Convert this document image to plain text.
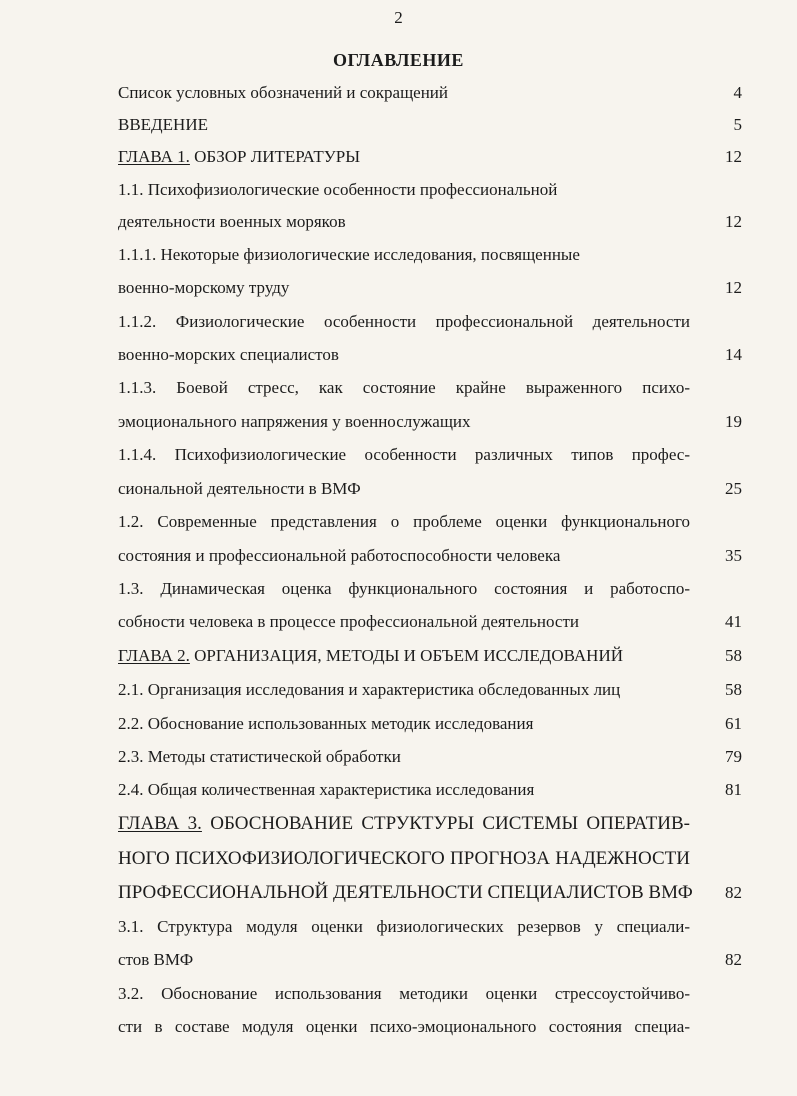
2
ОГЛАВЛЕНИЕ
Список условных обозначений и сокращений	4
ВВЕДЕНИЕ	5
ГЛАВА 1. ОБЗОР ЛИТЕРАТУРЫ	12
1.1. Психофизиологические особенности профессиональной
деятельности военных моряков	12
1.1.1. Некоторые физиологические исследования, посвященные
военно-морскому труду	12
1.1.2. Физиологические особенности профессиональной деятельности
военно-морских специалистов	14
1.1.3. Боевой стресс, как состояние крайне выраженного психо-
эмоционального напряжения у военнослужащих	19
1.1.4. Психофизиологические особенности различных типов профес-
сиональной деятельности в ВМФ	25
1.2. Современные представления о проблеме оценки функционального
состояния и профессиональной работоспособности человека	35
1.3. Динамическая оценка функционального состояния и работоспо-
собности человека в процессе профессиональной деятельности	41
ГЛАВА 2. ОРГАНИЗАЦИЯ, МЕТОДЫ И ОБЪЕМ ИССЛЕДОВАНИЙ	58
2.1. Организация исследования и характеристика обследованных лиц	58
2.2. Обоснование использованных методик исследования	61
2.3. Методы статистической обработки	79
2.4. Общая количественная характеристика исследования	81
ГЛАВА 3. ОБОСНОВАНИЕ СТРУКТУРЫ СИСТЕМЫ ОПЕРАТИВ-
НОГО ПСИХОФИЗИОЛОГИЧЕСКОГО ПРОГНОЗА НАДЕЖНОСТИ
ПРОФЕССИОНАЛЬНОЙ ДЕЯТЕЛЬНОСТИ СПЕЦИАЛИСТОВ ВМФ 82
3.1. Структура модуля оценки физиологических резервов у специали-
стов ВМФ	82
3.2. Обоснование использования методики оценки стрессоустойчиво-
сти в составе модуля оценки психо-эмоционального состояния специа-
